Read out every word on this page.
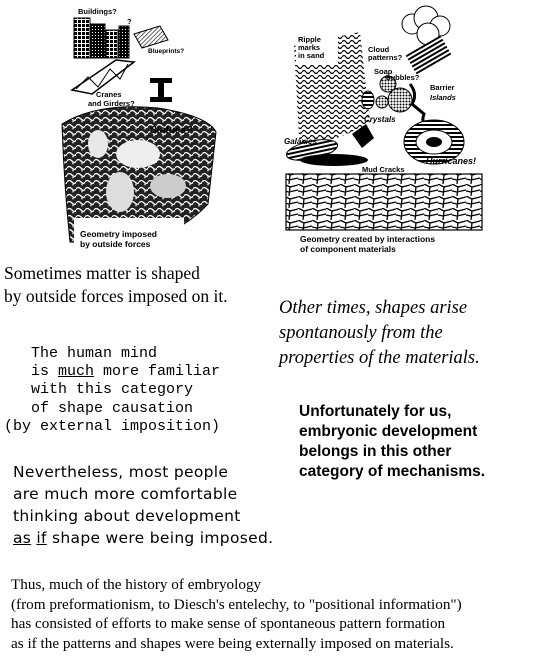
Buildings?
?
Blueprints?
Cranes
and Girders?
Statues?
Geometry imposed
by outside forces
Ripple
marks
in sand
Cloud
patterns?
Soap
bubbles?
Barrier
Islands
Crystals
Galaxies
Hurricanes!
Mud Cracks
Geometry created by interactions
of component materials
Sometimes matter is shaped
by outside forces imposed on it.
Other times, shapes arise
spontanously from the
properties of the materials.
The human mind
is much more familiar
with this category
of shape causation
(by external imposition)
Unfortunately for us,
embryonic development
belongs in this other
category of mechanisms.
Nevertheless, most people
are much more comfortable
thinking about development
as if shape were being imposed.
Thus, much of the history of embryology
(from preformationism, to Diesch's entelechy, to "positional information")
has consisted of efforts to make sense of spontaneous pattern formation
as if the patterns and shapes were being externally imposed on materials.
